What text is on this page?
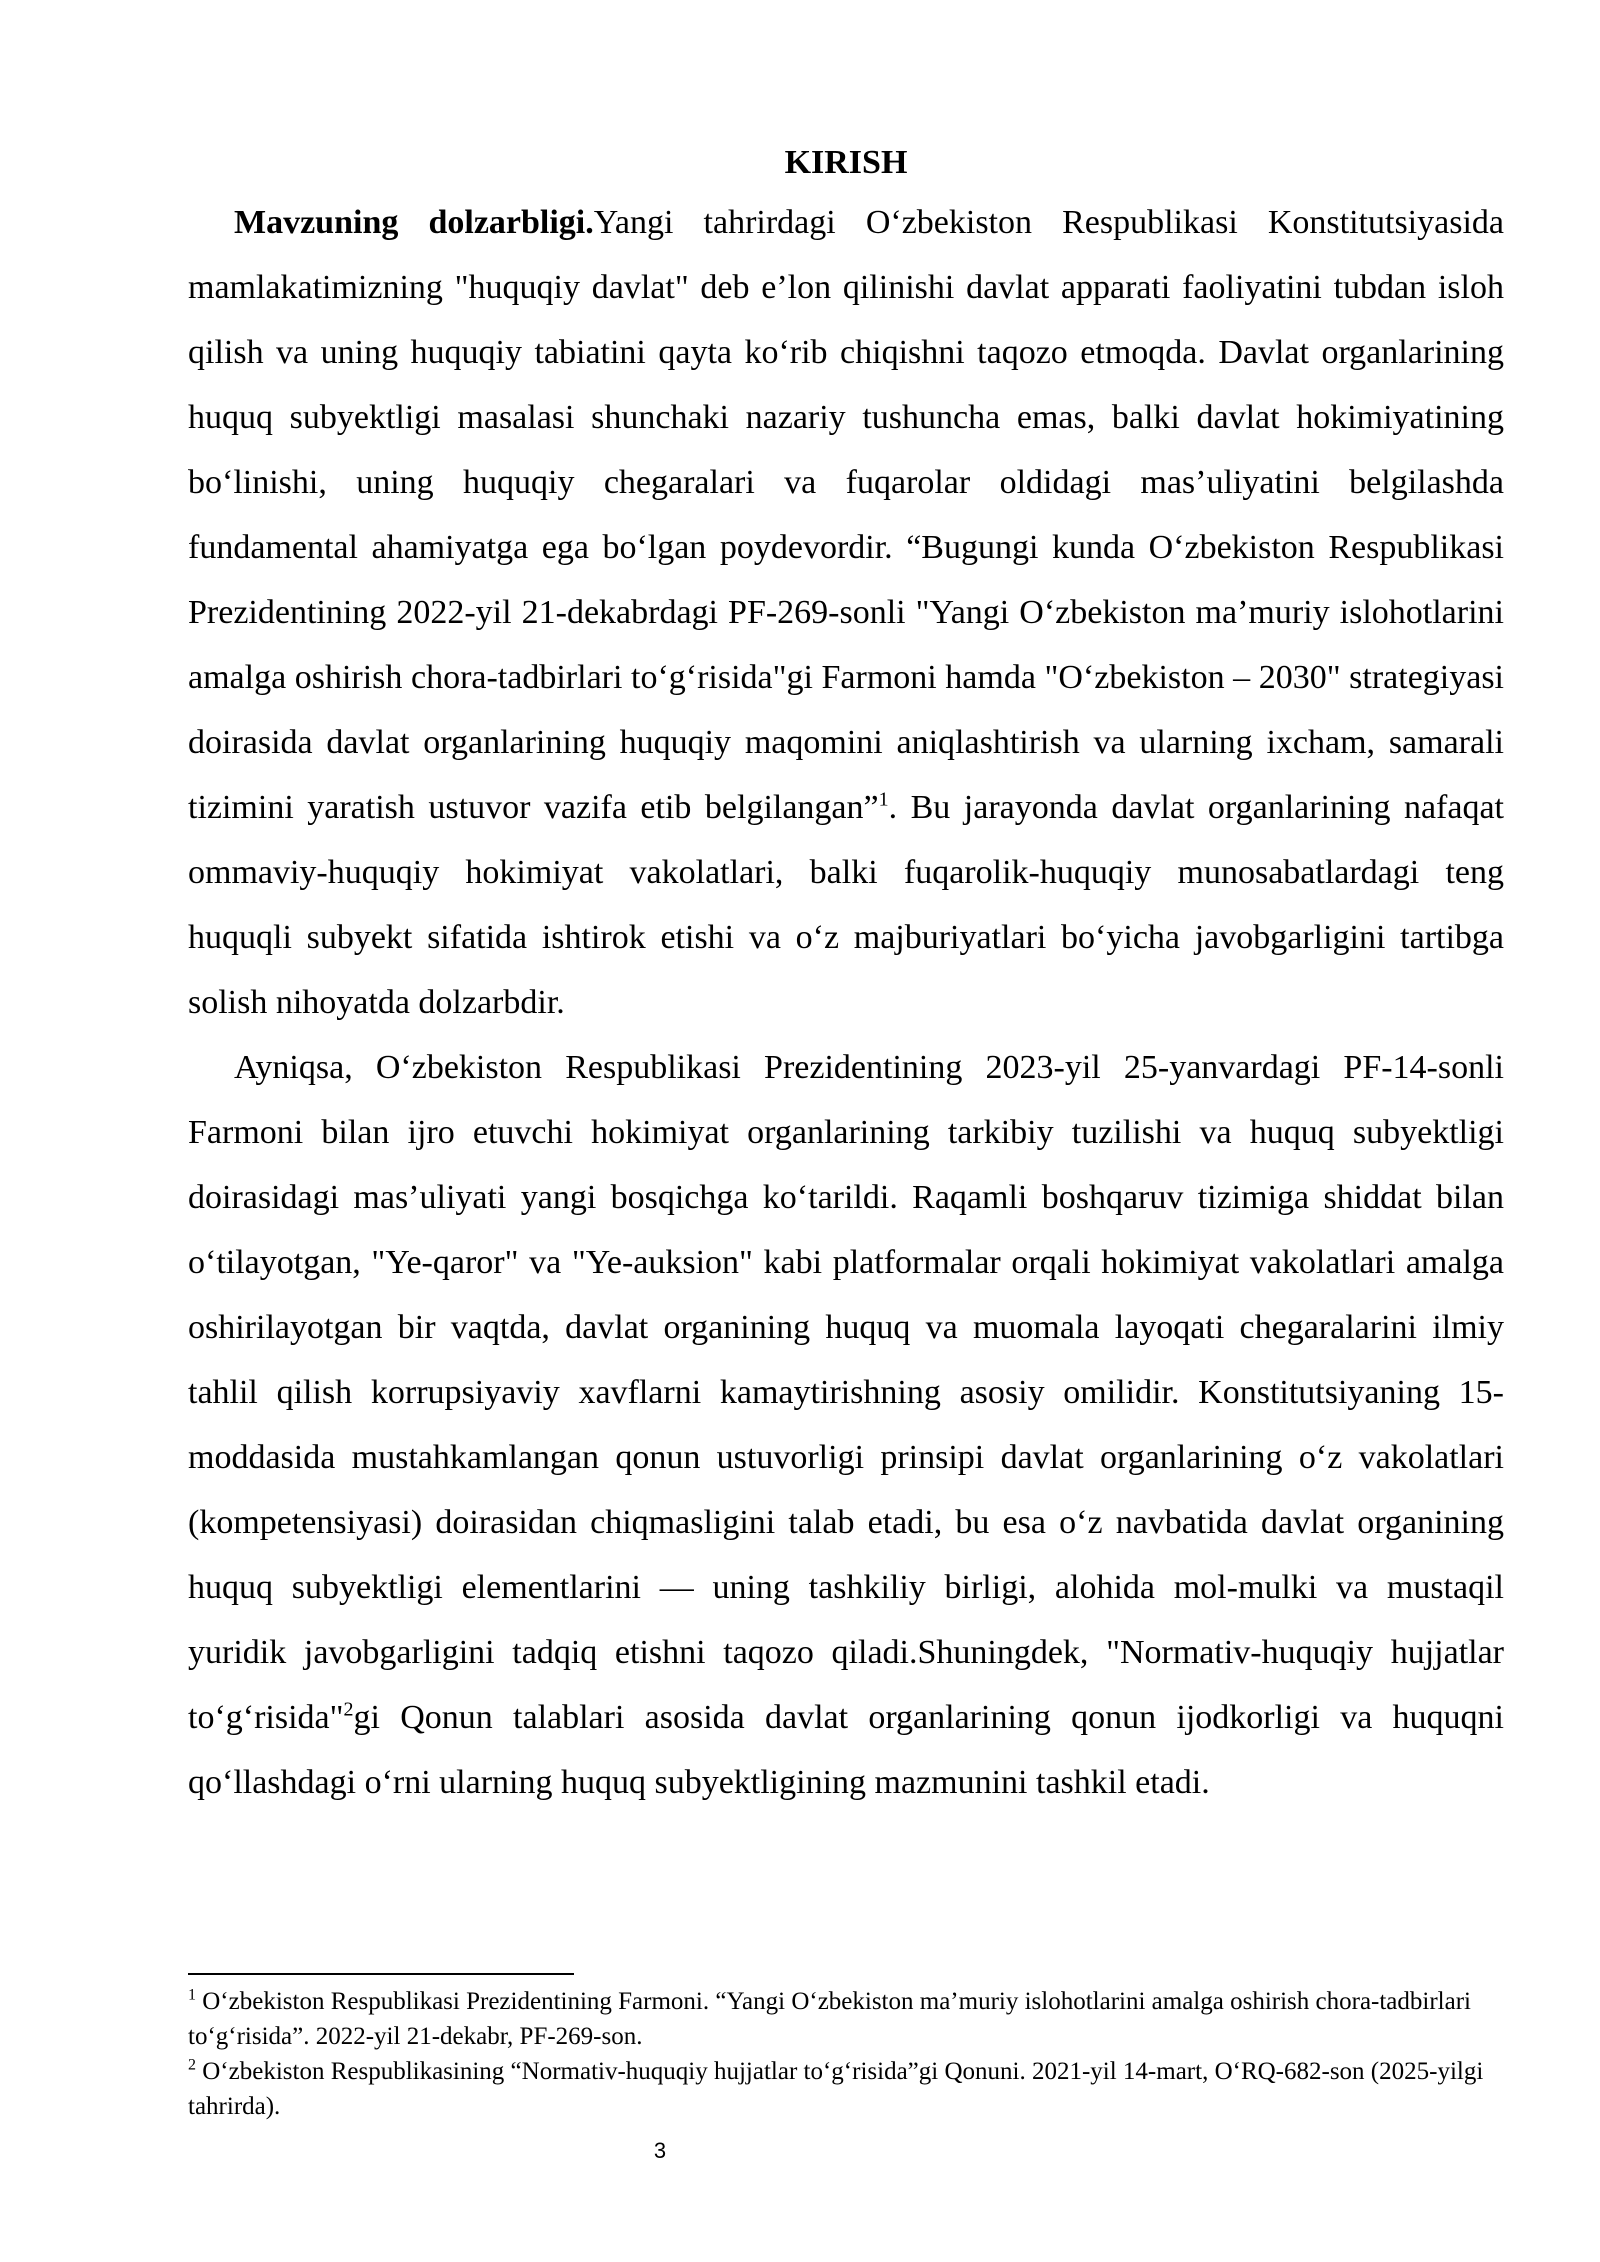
KIRISH

Mavzuning dolzarbligi.Yangi tahrirdagi O‘zbekiston Respublikasi Konstitutsiyasida mamlakatimizning "huquqiy davlat" deb e’lon qilinishi davlat apparati faoliyatini tubdan isloh qilish va uning huquqiy tabiatini qayta ko‘rib chiqishni taqozo etmoqda. Davlat organlarining huquq subyektligi masalasi shunchaki nazariy tushuncha emas, balki davlat hokimiyatining bo‘linishi, uning huquqiy chegaralari va fuqarolar oldidagi mas’uliyatini belgilashda fundamental ahamiyatga ega bo‘lgan poydevordir. “Bugungi kunda O‘zbekiston Respublikasi Prezidentining 2022-yil 21-dekabrdagi PF-269-sonli "Yangi O‘zbekiston ma’muriy islohotlarini amalga oshirish chora-tadbirlari to‘g‘risida"gi Farmoni hamda "O‘zbekiston – 2030" strategiyasi doirasida davlat organlarining huquqiy maqomini aniqlashtirish va ularning ixcham, samarali tizimini yaratish ustuvor vazifa etib belgilangan”$^1$. Bu jarayonda davlat organlarining nafaqat ommaviy-huquqiy hokimiyat vakolatlari, balki fuqarolik-huquqiy munosabatlardagi teng huquqli subyekt sifatida ishtirok etishi va o‘z majburiyatlari bo‘yicha javobgarligini tartibga solish nihoyatda dolzarbdir.

Ayniqsa, O‘zbekiston Respublikasi Prezidentining 2023-yil 25-yanvardagi PF-14-sonli Farmoni bilan ijro etuvchi hokimiyat organlarining tarkibiy tuzilishi va huquq subyektligi doirasidagi mas’uliyati yangi bosqichga ko‘tarildi. Raqamli boshqaruv tizimiga shiddat bilan o‘tilayotgan, "Ye-qaror" va "Ye-auksion" kabi platformalar orqali hokimiyat vakolatlari amalga oshirilayotgan bir vaqtda, davlat organining huquq va muomala layoqati chegaralarini ilmiy tahlil qilish korrupsiyaviy xavflarni kamaytirishning asosiy omilidir. Konstitutsiyaning 15-moddasida mustahkamlangan qonun ustuvorligi prinsipi davlat organlarining o‘z vakolatlari (kompetensiyasi) doirasidan chiqmasligini talab etadi, bu esa o‘z navbatida davlat organining huquq subyektligi elementlarini — uning tashkiliy birligi, alohida mol-mulki va mustaqil yuridik javobgarligini tadqiq etishni taqozo qiladi.Shuningdek, "Normativ-huquqiy hujjatlar to‘g‘risida"$^2$gi Qonun talablari asosida davlat organlarining qonun ijodkorligi va huquqni qo‘llashdagi o‘rni ularning huquq subyektligining mazmunini tashkil etadi.

$^1$ O‘zbekiston Respublikasi Prezidentining Farmoni. “Yangi O‘zbekiston ma’muriy islohotlarini amalga oshirish chora-tadbirlari to‘g‘risida”. 2022-yil 21-dekabr, PF-269-son.

$^2$ O‘zbekiston Respublikasining “Normativ-huquqiy hujjatlar to‘g‘risida”gi Qonuni. 2021-yil 14-mart, O‘RQ-682-son (2025-yilgi tahrirda).

3
